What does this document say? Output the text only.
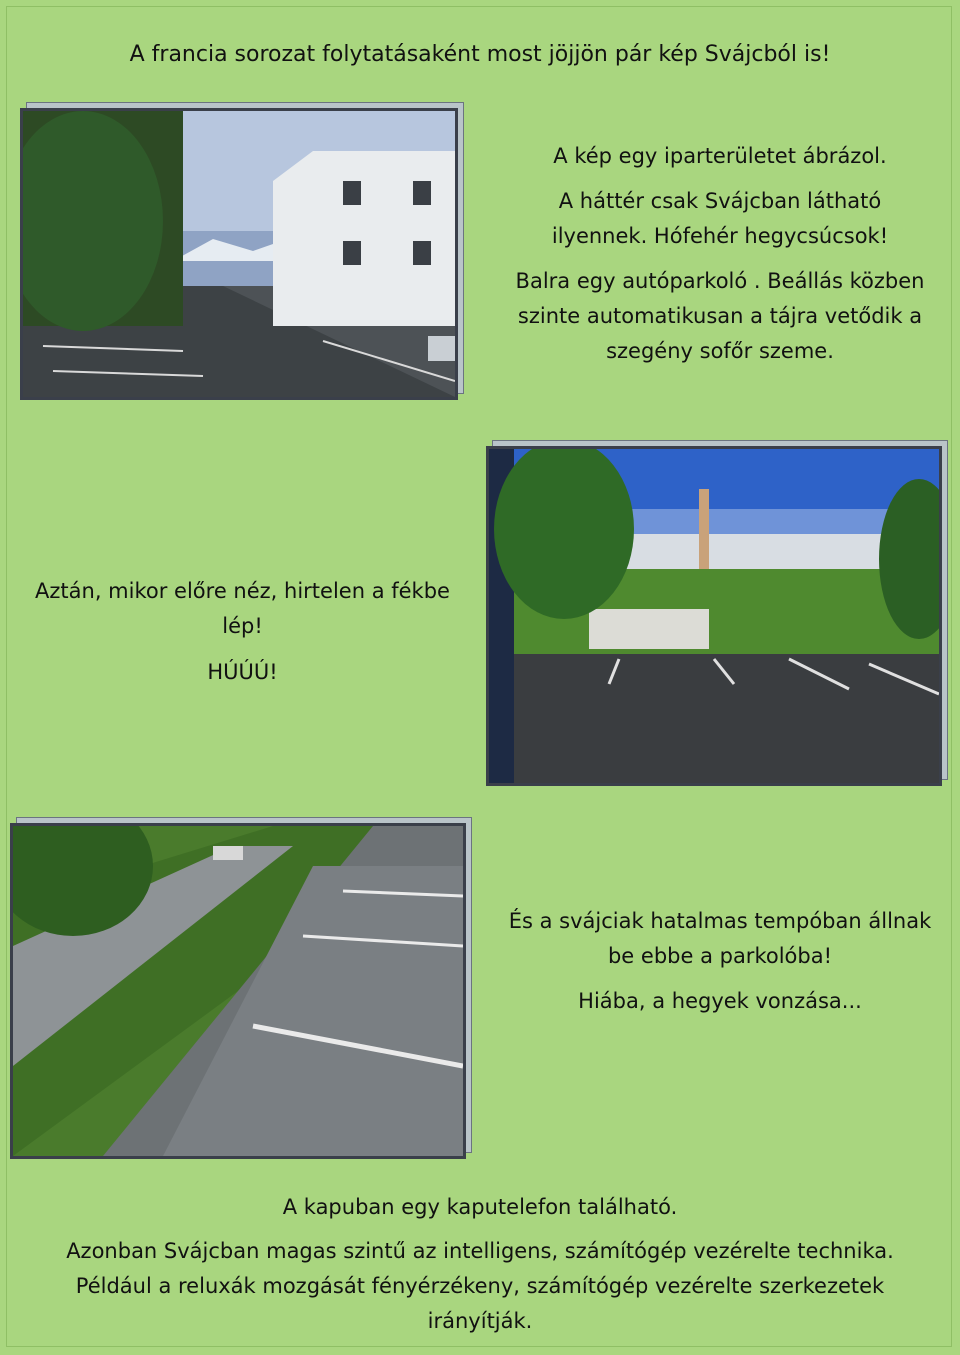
A francia sorozat folytatásaként most jöjjön pár kép Svájcból is!
A kép egy iparterületet ábrázol.
A háttér csak Svájcban látható
ilyennek. Hófehér hegycsúcsok!
Balra egy autóparkoló . Beállás közben
szinte automatikusan a tájra vetődik a
szegény sofőr szeme.
Aztán, mikor előre néz, hirtelen a fékbe
lép!
HÚÚÚ!
És a svájciak hatalmas tempóban állnak
be ebbe a parkolóba!
Hiába, a hegyek vonzása...
A kapuban egy kaputelefon található.
Azonban Svájcban magas szintű az intelligens, számítógép vezérelte technika.
Például a reluxák mozgását fényérzékeny, számítógép vezérelte szerkezetek
irányítják.
